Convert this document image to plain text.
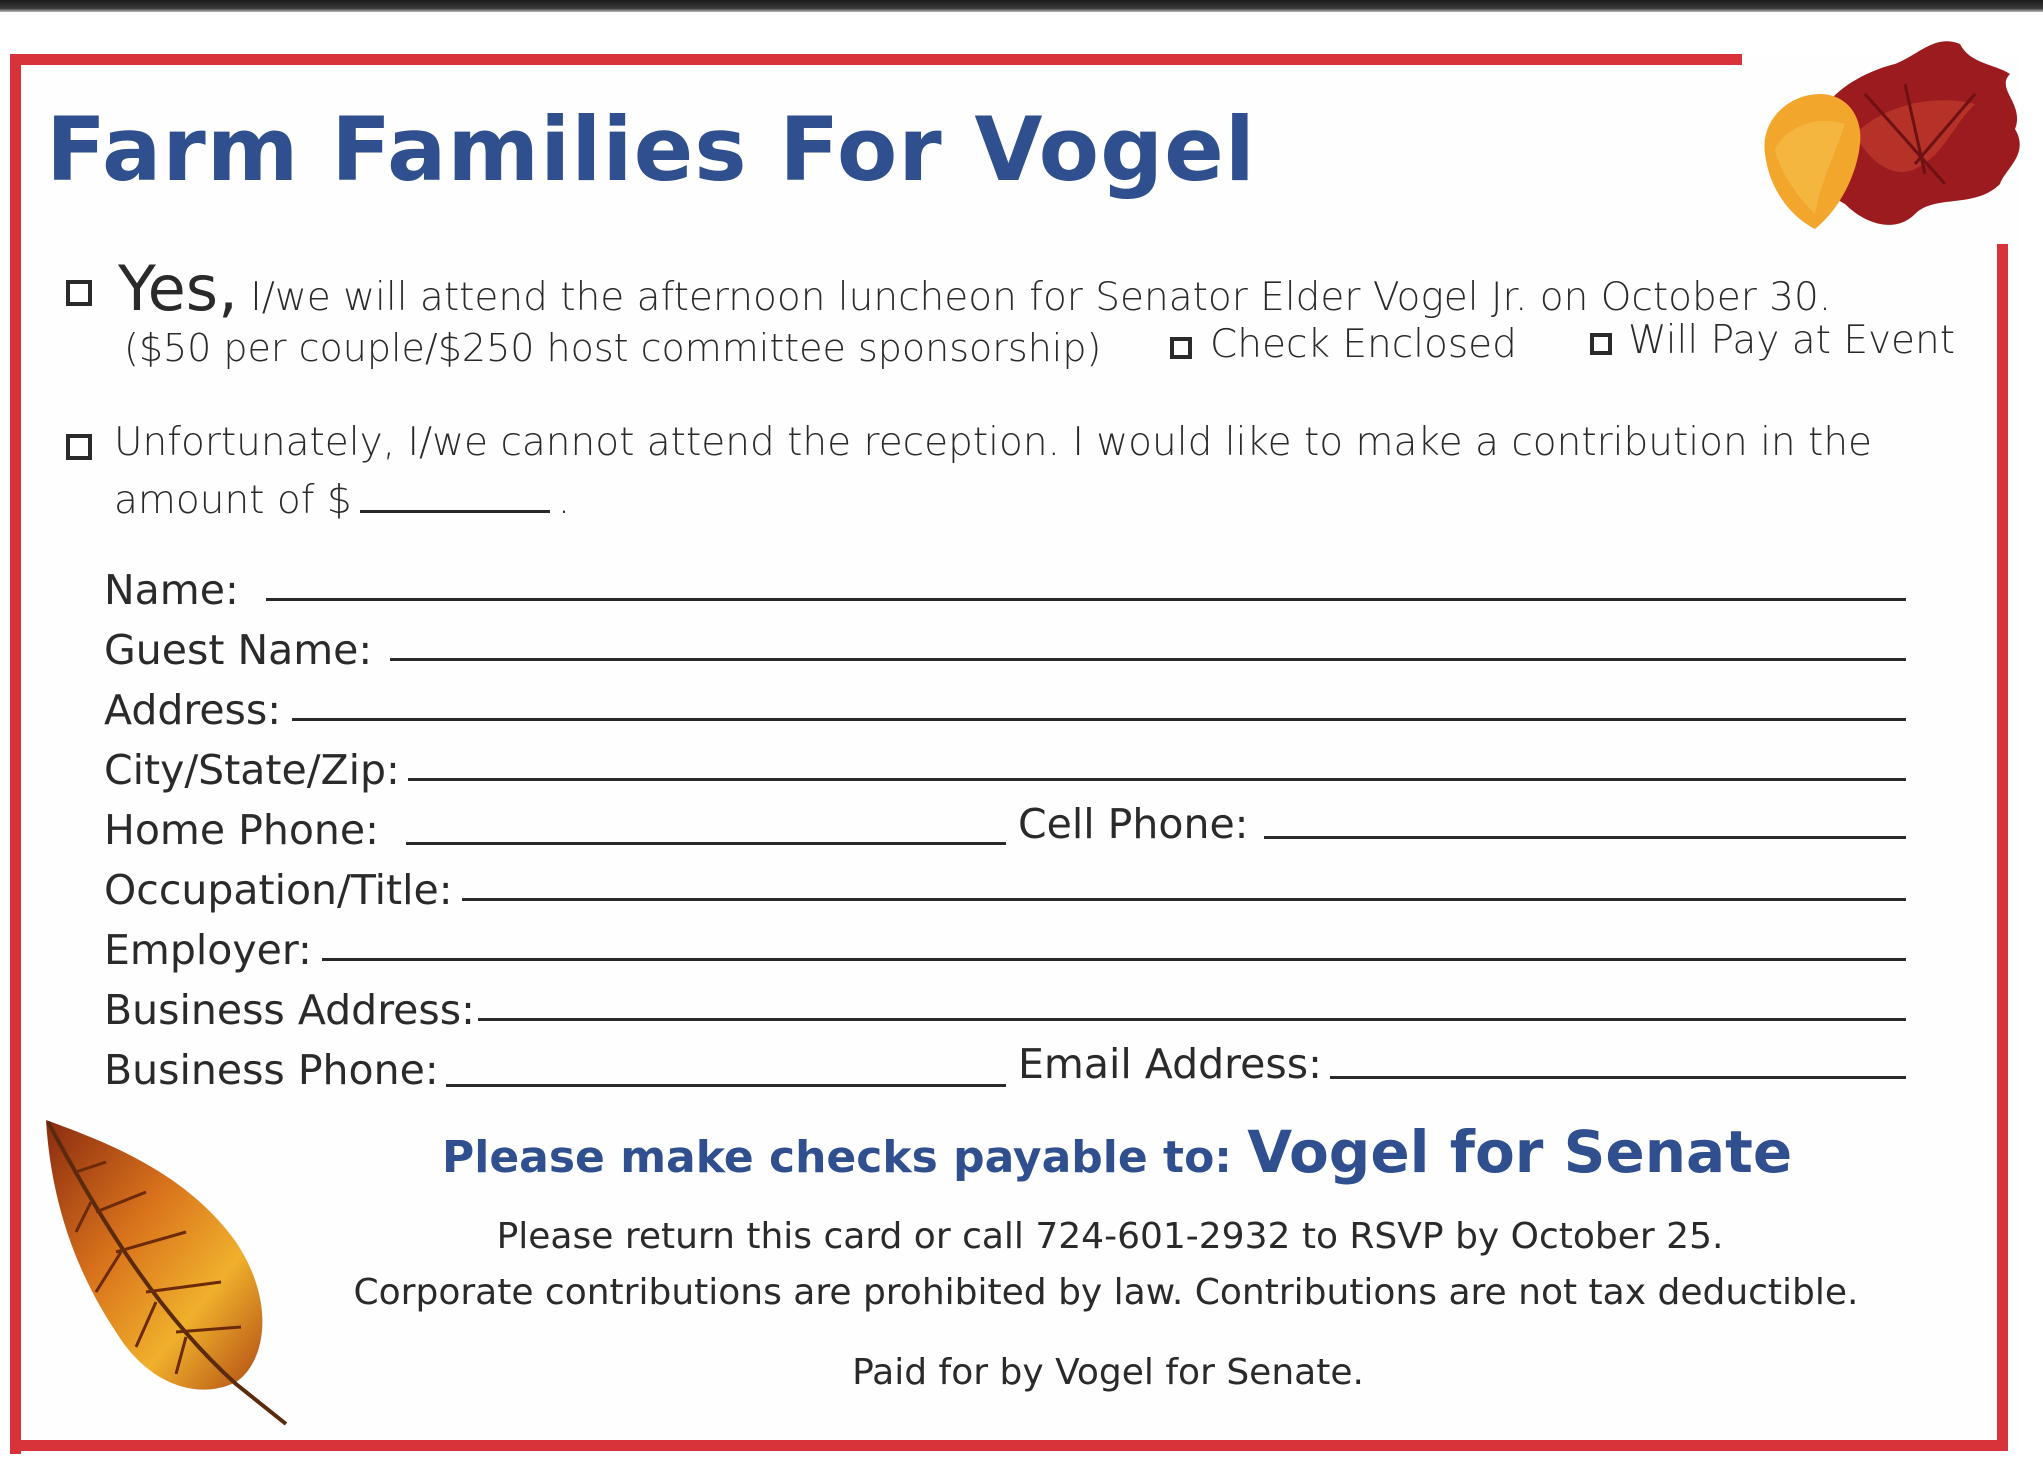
Farm Families For Vogel
Yes, I/we will attend the afternoon luncheon for Senator Elder Vogel Jr. on October 30.
($50 per couple/$250 host committee sponsorship)	Check Enclosed	Will Pay at Event
Unfortunately, I/we cannot attend the reception. I would like to make a contribution in the
amount of $	.
Name:
Guest Name:
Address:
City/State/Zip:
Home Phone:	Cell Phone:
Occupation/Title:
Employer:
Business Address:
Business Phone:	Email Address:
Please make checks payable to: Vogel for Senate
Please return this card or call 724-601-2932 to RSVP by October 25.
Corporate contributions are prohibited by law. Contributions are not tax deductible.
Paid for by Vogel for Senate.
